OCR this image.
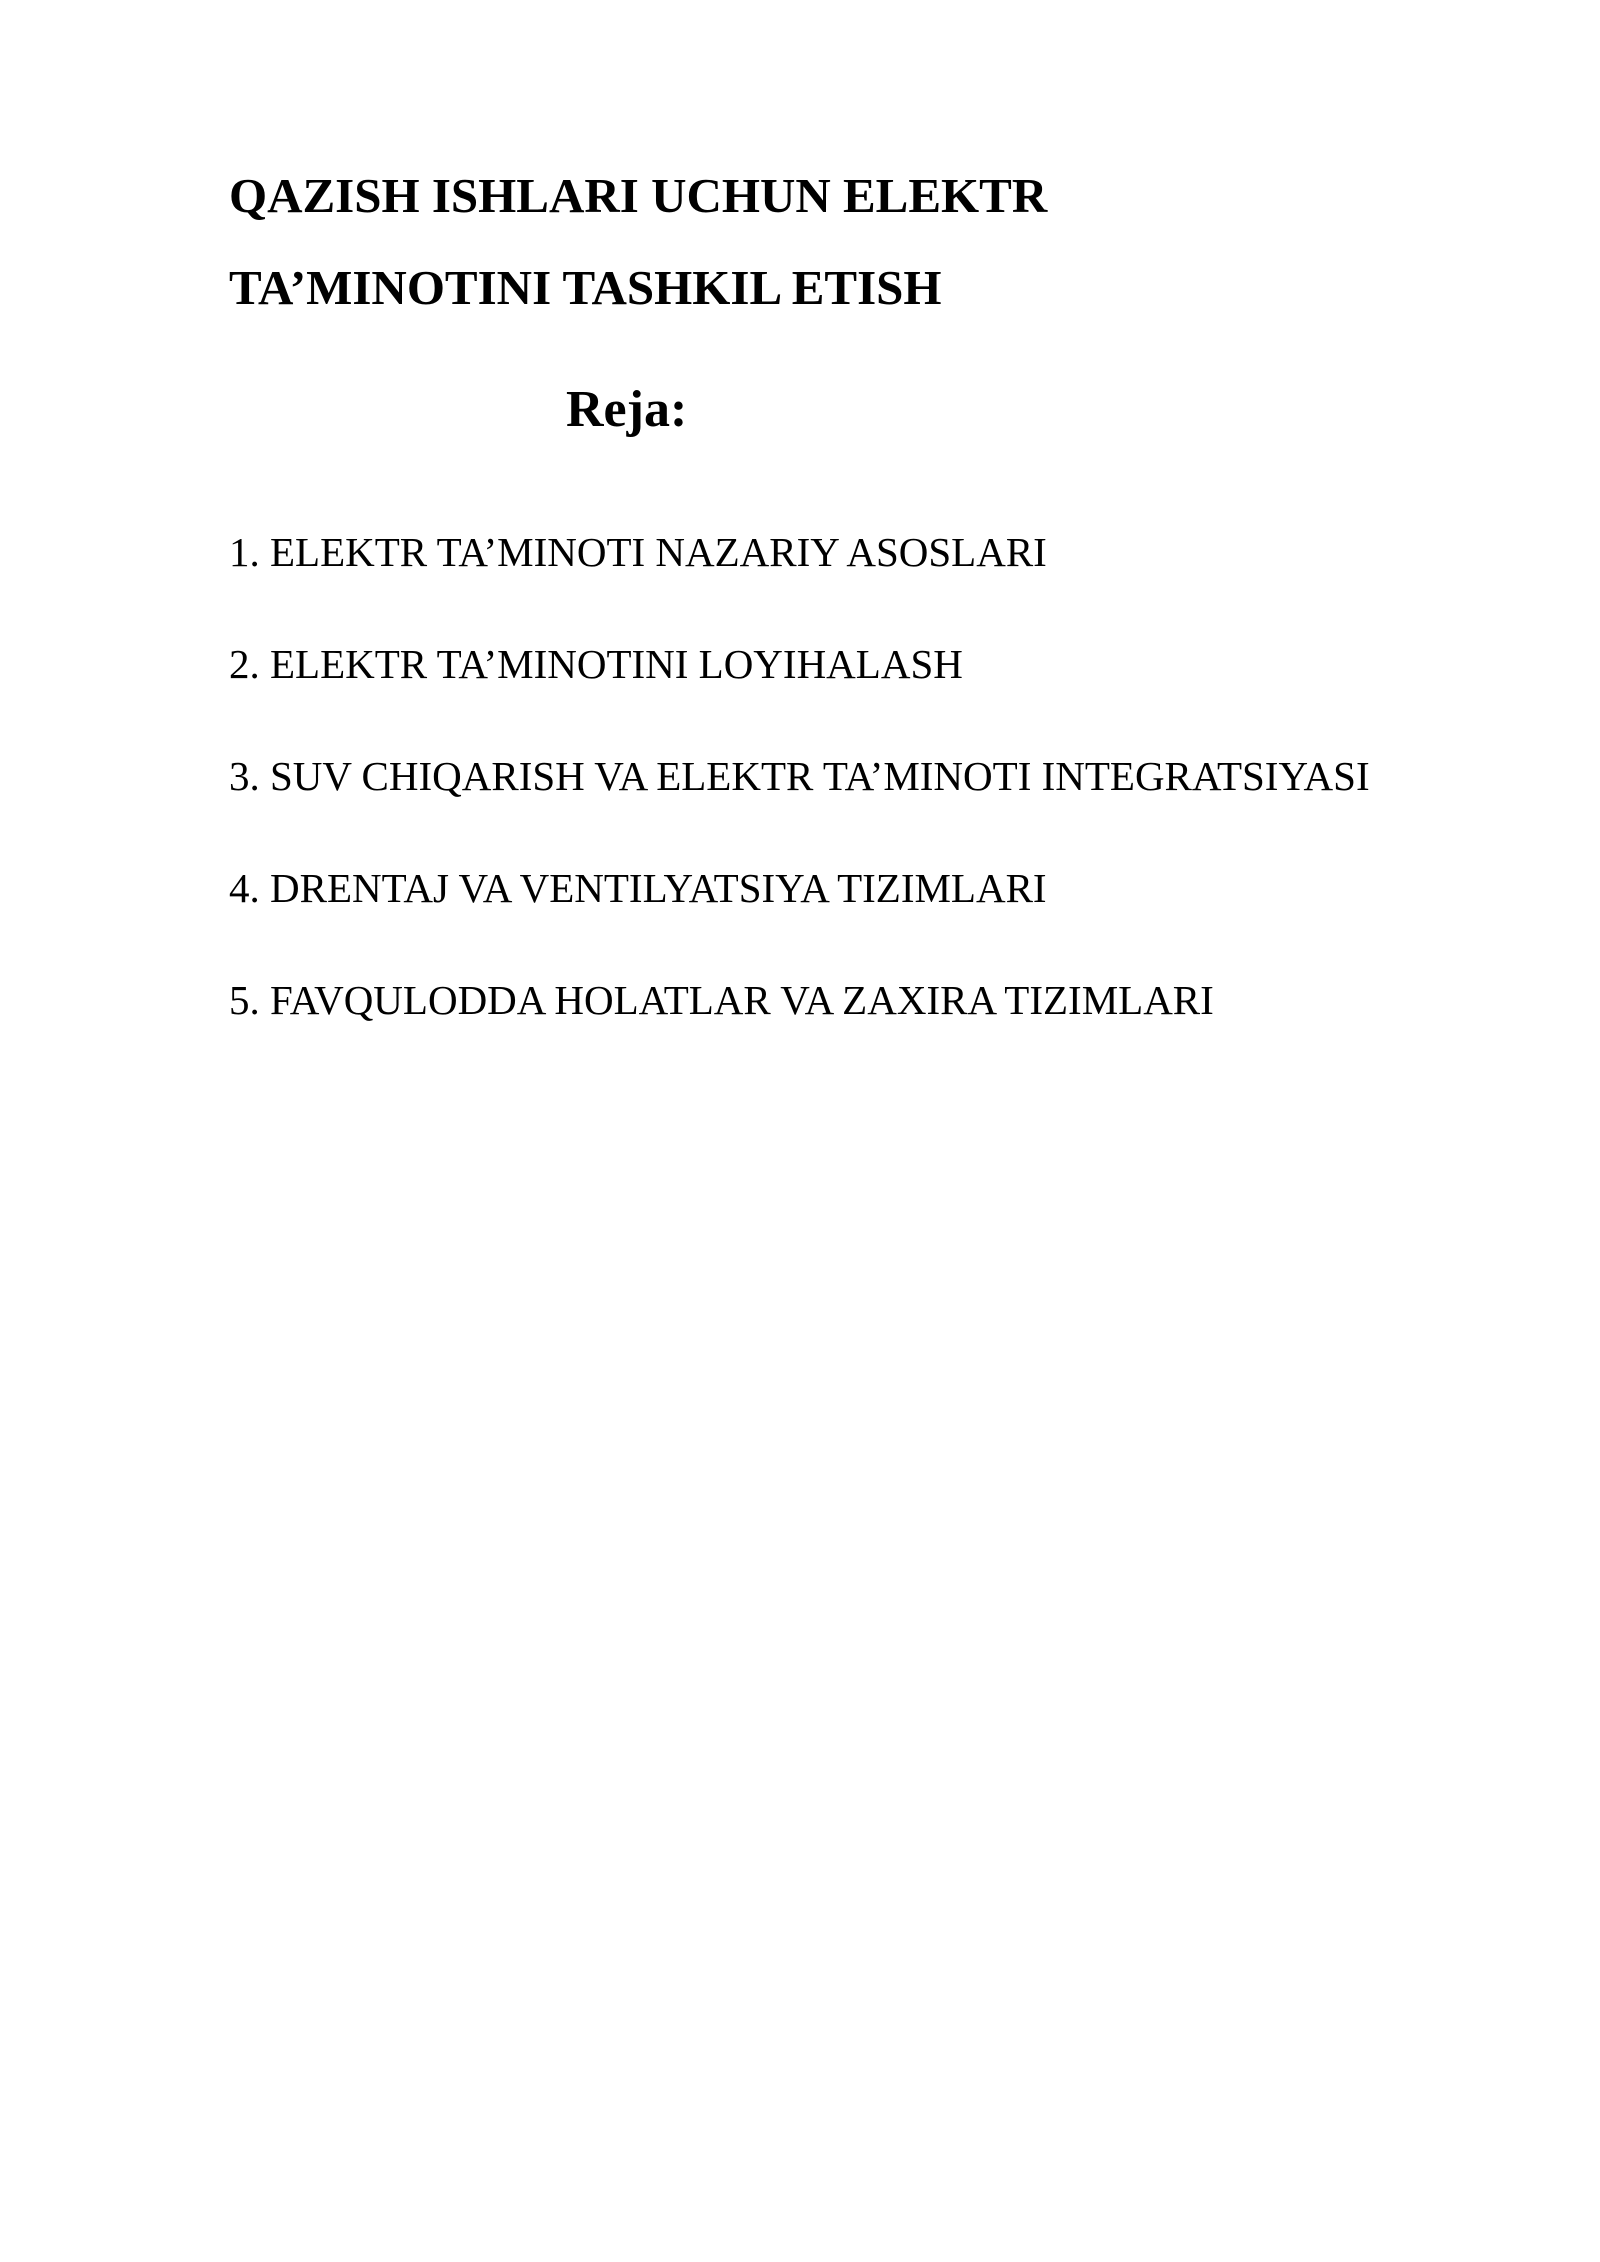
QAZISH ISHLARI UCHUN ELEKTR
TA’MINOTINI TASHKIL ETISH
Reja:
1. ELEKTR TA’MINOTI NAZARIY ASOSLARI
2. ELEKTR TA’MINOTINI LOYIHALASH
3. SUV CHIQARISH VA ELEKTR TA’MINOTI INTEGRATSIYASI
4. DRENTAJ VA VENTILYATSIYA TIZIMLARI
5. FAVQULODDA HOLATLAR VA ZAXIRA TIZIMLARI
